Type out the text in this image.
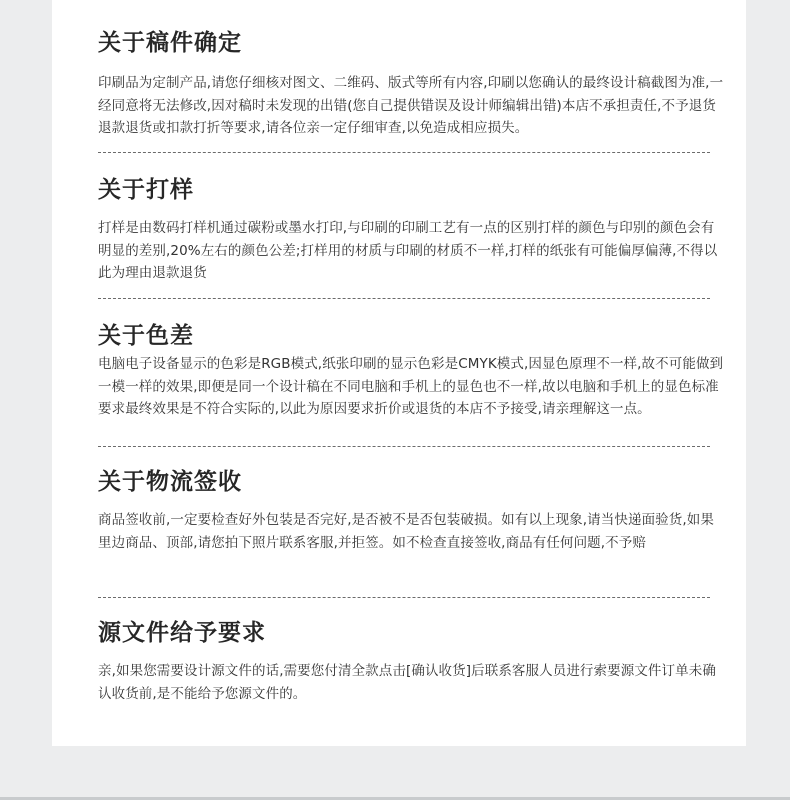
关于稿件确定

印刷品为定制产品,请您仔细核对图文、二维码、版式等所有内容,印刷以您确认的最终设计稿截图为准,一经同意将无法修改,因对稿时未发现的出错(您自己提供错误及设计师编辑出错)本店不承担责任,不予退货退款退货或扣款打折等要求,请各位亲一定仔细审查,以免造成相应损失。

关于打样

打样是由数码打样机通过碳粉或墨水打印,与印刷的印刷工艺有一点的区别打样的颜色与印别的颜色会有明显的差别,20%左右的颜色公差;打样用的材质与印刷的材质不一样,打样的纸张有可能偏厚偏薄,不得以此为理由退款退货

关于色差

电脑电子设备显示的色彩是RGB模式,纸张印刷的显示色彩是CMYK模式,因显色原理不一样,故不可能做到一模一样的效果,即便是同一个设计稿在不同电脑和手机上的显色也不一样,故以电脑和手机上的显色标准要求最终效果是不符合实际的,以此为原因要求折价或退货的本店不予接受,请亲理解这一点。

关于物流签收

商品签收前,一定要检查好外包装是否完好,是否被不是否包装破损。如有以上现象,请当快递面验货,如果里边商品、顶部,请您拍下照片联系客服,并拒签。如不检查直接签收,商品有任何问题,不予赔

源文件给予要求

亲,如果您需要设计源文件的话,需要您付清全款点击[确认收货]后联系客服人员进行索要源文件订单未确认收货前,是不能给予您源文件的。
